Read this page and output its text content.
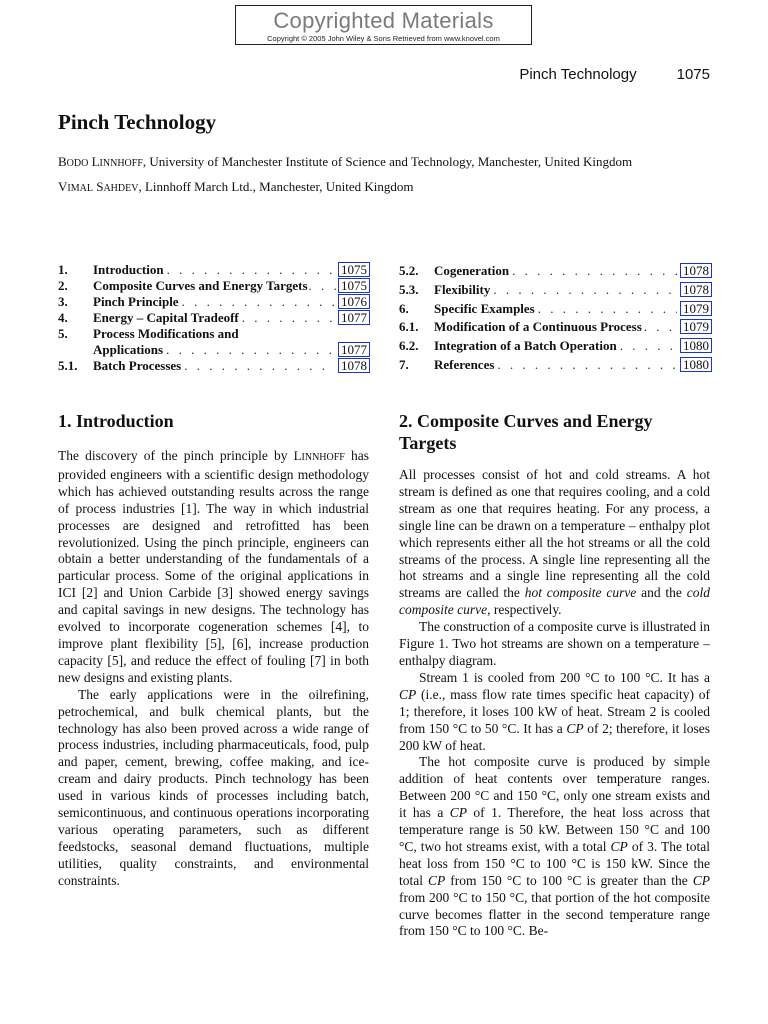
Copyrighted Materials
Copyright © 2005 John Wiley & Sons Retrieved from www.knovel.com
Pinch Technology	1075
Pinch Technology
BODO LINNHOFF, University of Manchester Institute of Science and Technology, Manchester, United Kingdom
VIMAL SAHDEV, Linnhoff March Ltd., Manchester, United Kingdom
1.	Introduction . . .	1075
2.	Composite Curves and Energy Targets . . .	1075
3.	Pinch Principle . . .	1076
4.	Energy – Capital Tradeoff . . .	1077
5.	Process Modifications and
Applications . . .	1077
5.1.	Batch Processes . . .	1078
5.2.	Cogeneration . . .	1078
5.3.	Flexibility . . .	1078
6.	Specific Examples . . .	1079
6.1.	Modification of a Continuous Process . . .	1079
6.2.	Integration of a Batch Operation . . .	1080
7.	References . . .	1080
1. Introduction	2. Composite Curves and Energy Targets

The discovery of the pinch principle by LINNHOFF has provided engineers with a scientific design methodology which has achieved outstanding results across the range of process industries [1]. The way in which industrial processes are designed and retrofitted has been revolutionized. Using the pinch principle, engineers can obtain a better understanding of the fundamentals of a particular process. Some of the original applications in ICI [2] and Union Carbide [3] showed energy savings and capital savings in new designs. The technology has evolved to incorporate cogeneration schemes [4], to improve plant flexibility [5], [6], increase production capacity [5], and reduce the effect of fouling [7] in both new designs and existing plants.

The early applications were in the oilrefining, petrochemical, and bulk chemical plants, but the technology has also been proved across a wide range of process industries, including pharmaceuticals, food, pulp and paper, cement, brewing, coffee making, and ice-cream and dairy products. Pinch technology has been used in various kinds of processes including batch, semicontinuous, and continuous operations incorporating various operating parameters, such as different feedstocks, seasonal demand fluctuations, multiple utilities, quality constraints, and environmental constraints.

All processes consist of hot and cold streams. A hot stream is defined as one that requires cooling, and a cold stream as one that requires heating. For any process, a single line can be drawn on a temperature – enthalpy plot which represents either all the hot streams or all the cold streams of the process. A single line representing all the hot streams and a single line representing all the cold streams are called the hot composite curve and the cold composite curve, respectively.

The construction of a composite curve is illustrated in Figure 1. Two hot streams are shown on a temperature – enthalpy diagram.

Stream 1 is cooled from 200 °C to 100 °C. It has a CP (i.e., mass flow rate times specific heat capacity) of 1; therefore, it loses 100 kW of heat. Stream 2 is cooled from 150 °C to 50 °C. It has a CP of 2; therefore, it loses 200 kW of heat.

The hot composite curve is produced by simple addition of heat contents over temperature ranges. Between 200 °C and 150 °C, only one stream exists and it has a CP of 1. Therefore, the heat loss across that temperature range is 50 kW. Between 150 °C and 100 °C, two hot streams exist, with a total CP of 3. The total heat loss from 150 °C to 100 °C is 150 kW. Since the total CP from 150 °C to 100 °C is greater than the CP from 200 °C to 150 °C, that portion of the hot composite curve becomes flatter in the second temperature range from 150 °C to 100 °C. Be-
